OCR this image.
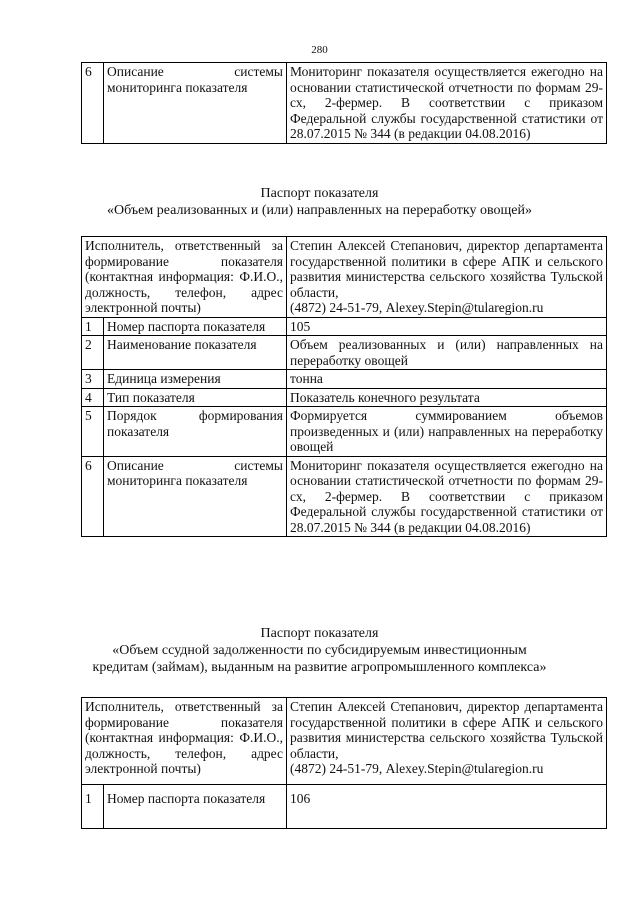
280
6	Описание системы мониторинга показателя	Мониторинг показателя осуществляется ежегодно на основании статистической отчетности по формам 29-сх, 2-фермер. В соответствии с приказом Федеральной службы государственной статистики от 28.07.2015 № 344 (в редакции 04.08.2016)
Паспорт показателя
«Объем реализованных и (или) направленных на переработку овощей»
Исполнитель, ответственный за формирование показателя (контактная информация: Ф.И.О., должность, телефон, адрес электронной почты)		Степин Алексей Степанович, директор департамента государственной политики в сфере АПК и сельского развития министерства сельского хозяйства Тульской области,
(4872) 24-51-79, Alexey.Stepin@tularegion.ru
1	Номер паспорта показателя	105
2	Наименование показателя	Объем реализованных и (или) направленных на переработку овощей
3	Единица измерения	тонна
4	Тип показателя	Показатель конечного результата
5	Порядок формирования показателя	Формируется суммированием объемов произведенных и (или) направленных на переработку овощей
6	Описание системы мониторинга показателя	Мониторинг показателя осуществляется ежегодно на основании статистической отчетности по формам 29-сх, 2-фермер. В соответствии с приказом Федеральной службы государственной статистики от 28.07.2015 № 344 (в редакции 04.08.2016)
Паспорт показателя
«Объем ссудной задолженности по субсидируемым инвестиционным
кредитам (займам), выданным на развитие агропромышленного комплекса»
Исполнитель, ответственный за формирование показателя (контактная информация: Ф.И.О., должность, телефон, адрес электронной почты)		Степин Алексей Степанович, директор департамента государственной политики в сфере АПК и сельского развития министерства сельского хозяйства Тульской области,
(4872) 24-51-79, Alexey.Stepin@tularegion.ru
1	Номер паспорта показателя	106
